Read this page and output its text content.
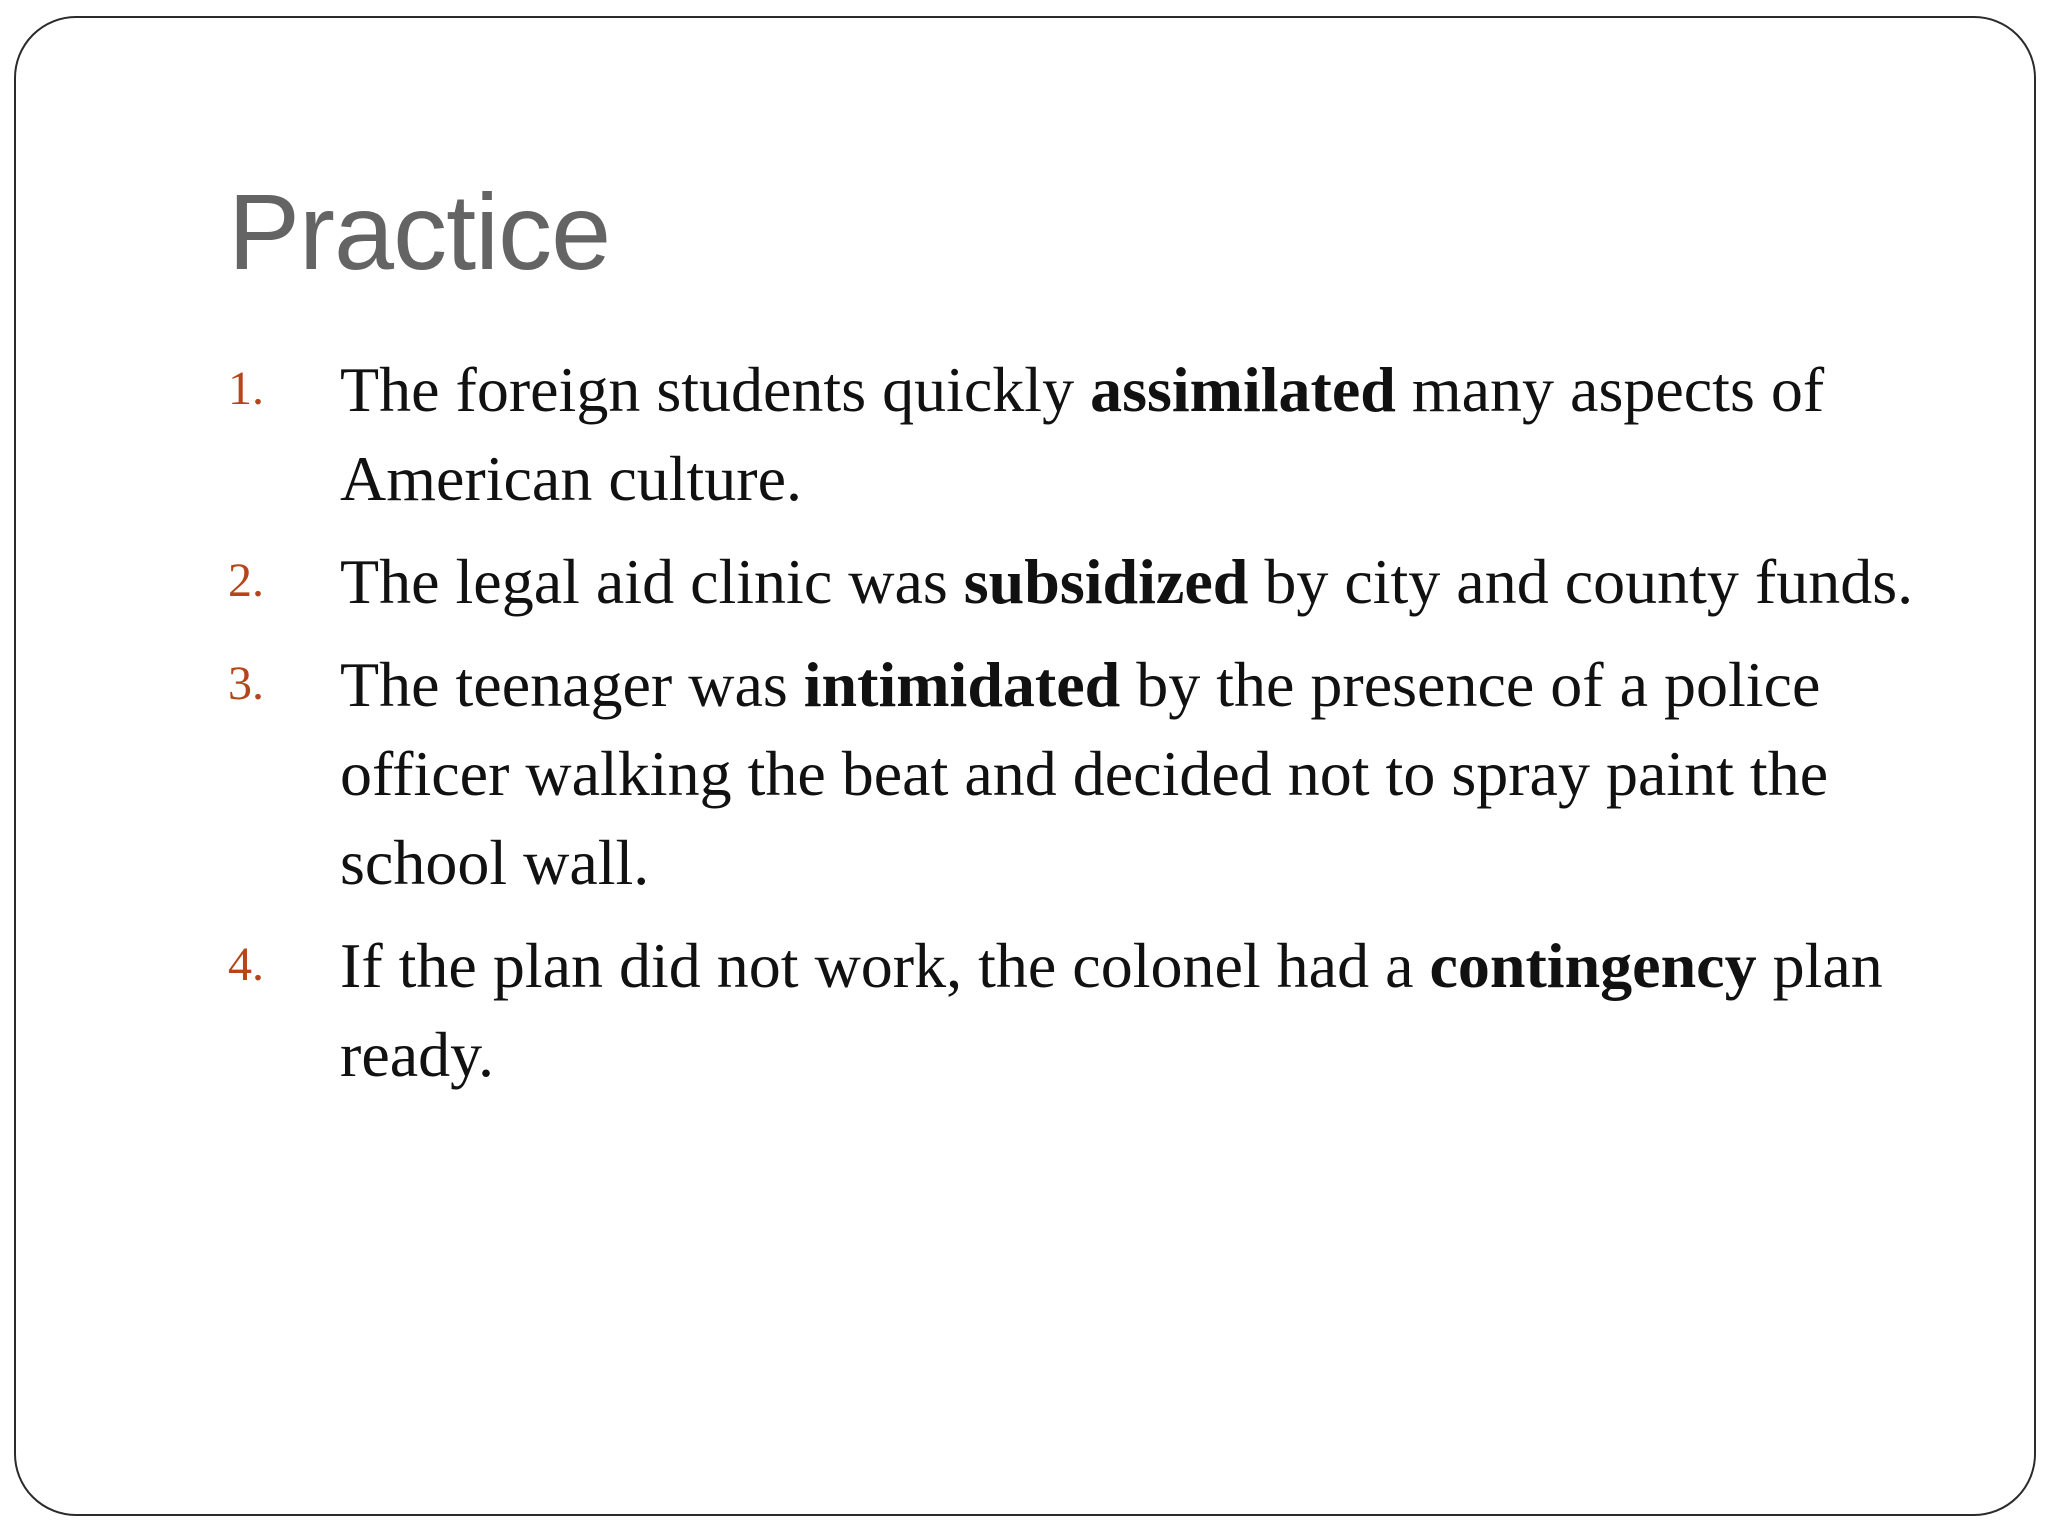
Practice
1. The foreign students quickly assimilated many aspects of American culture.
2. The legal aid clinic was subsidized by city and county funds.
3. The teenager was intimidated by the presence of a police officer walking the beat and decided not to spray paint the school wall.
4. If the plan did not work, the colonel had a contingency plan ready.
